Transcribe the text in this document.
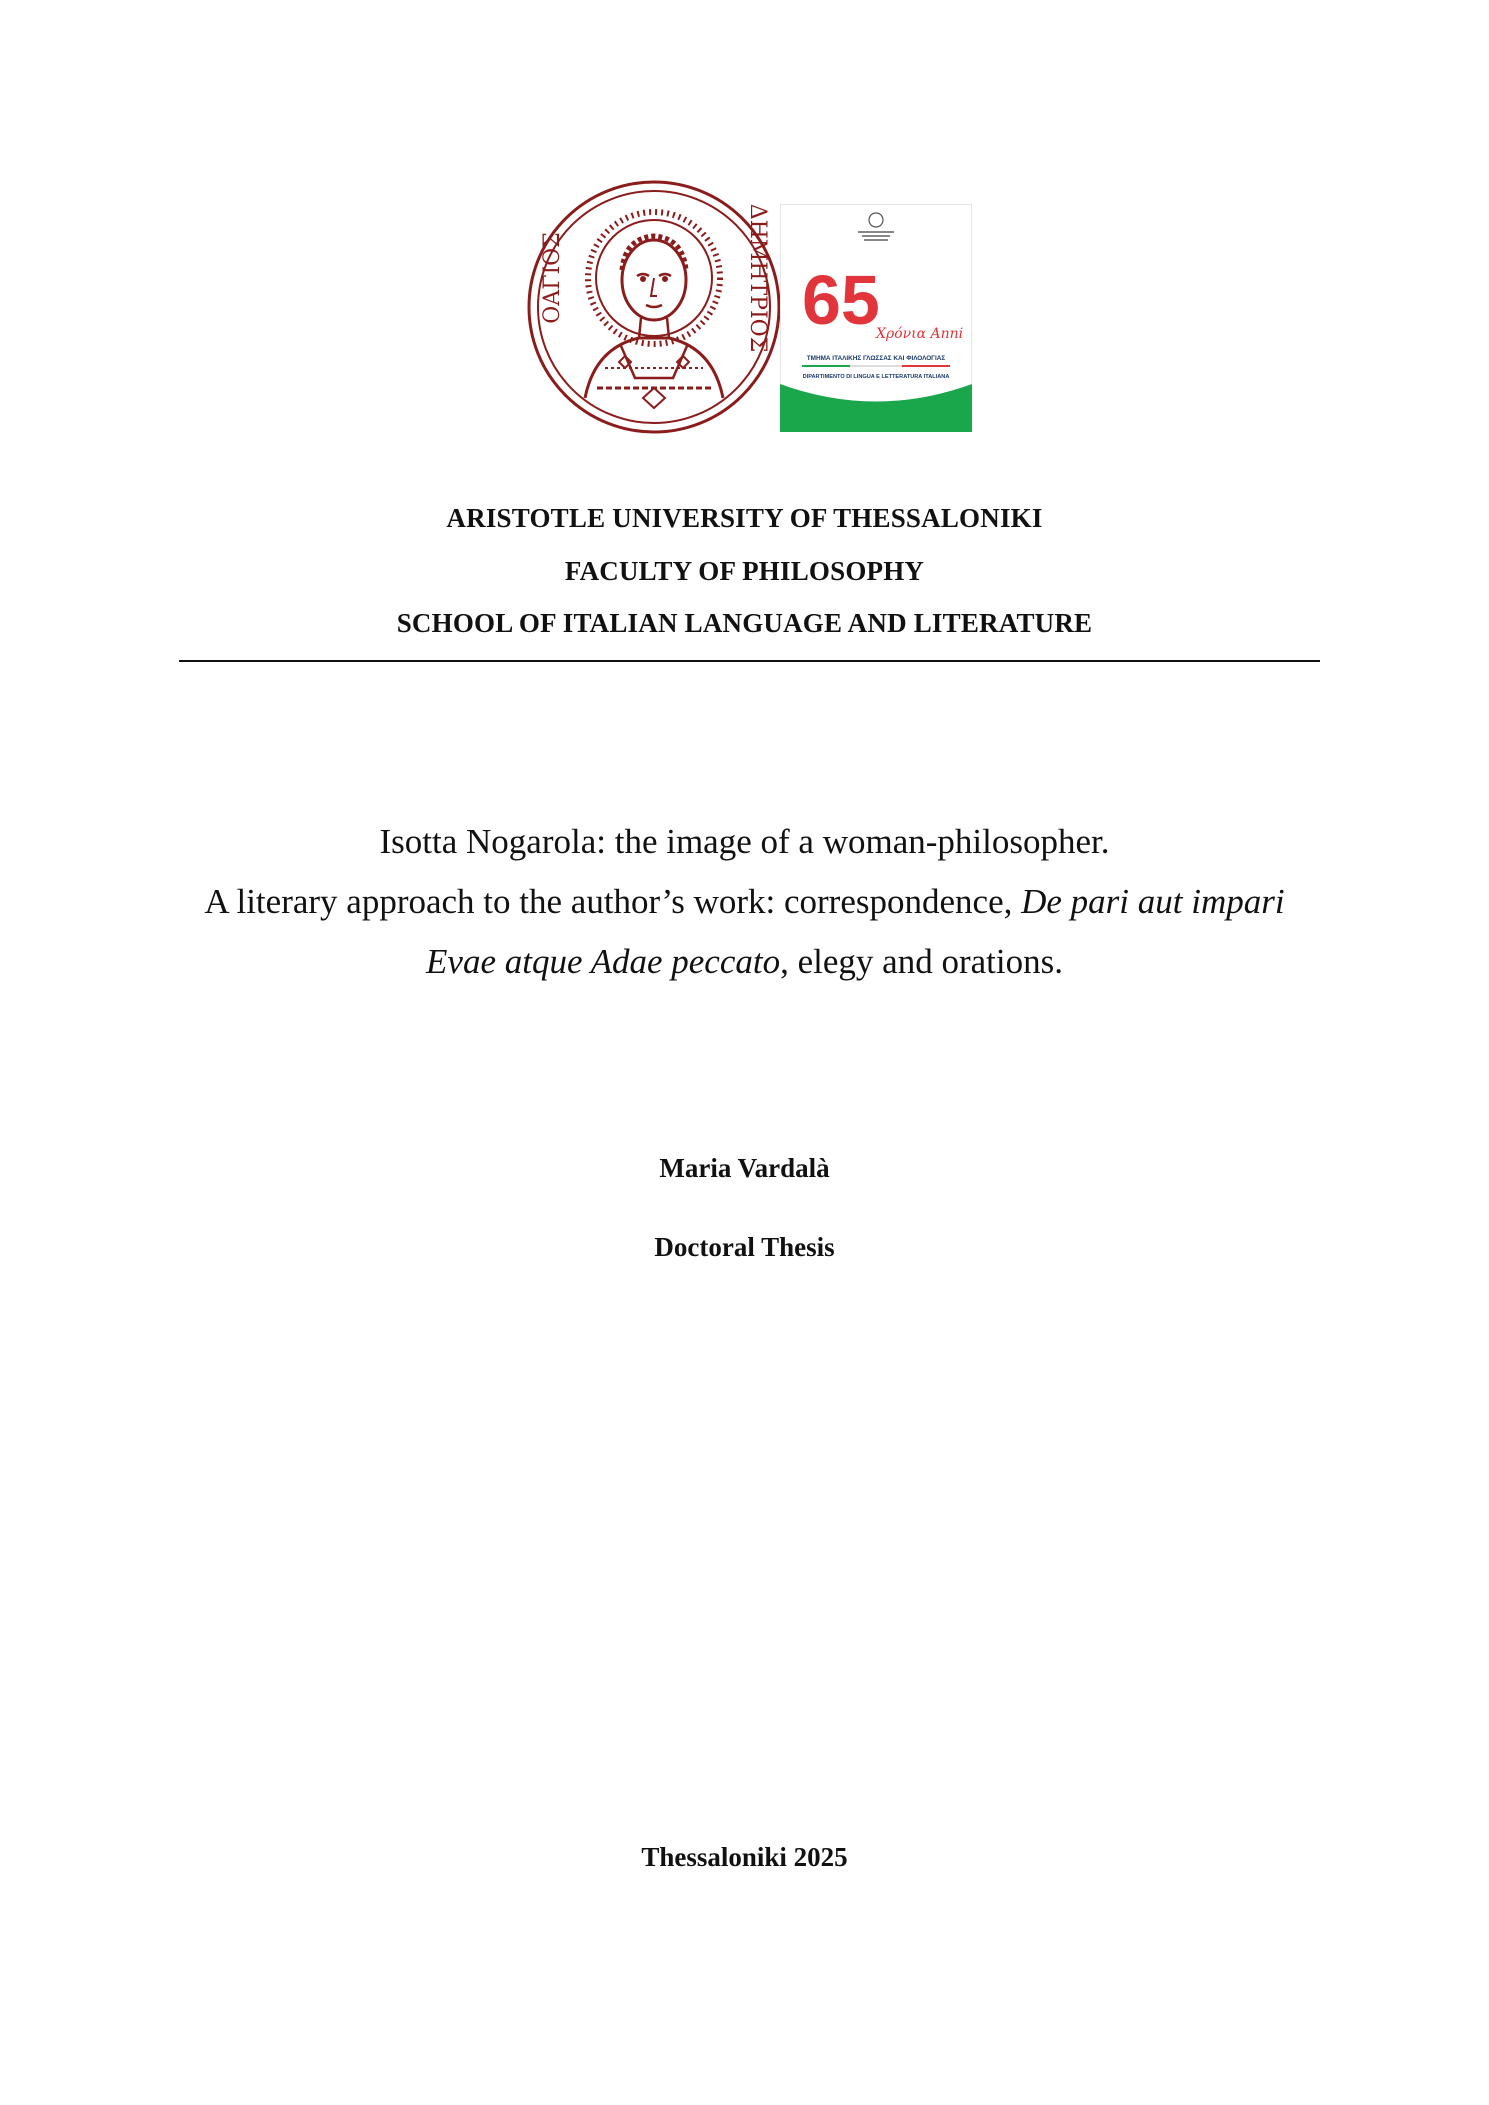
ΟΑΓΙΟΣ	ΔΗΜΗΤΡΙΟΣ 65
Χρόνια Anni
ΤΜΗΜΑ ΙΤΑΛΙΚΗΣ ΓΛΩΣΣΑΣ ΚΑΙ ΦΙΛΟΛΟΓΙΑΣ
DIPARTIMENTO DI LINGUA E LETTERATURA ITALIANA
ARISTOTLE UNIVERSITY OF THESSALONIKI
FACULTY OF PHILOSOPHY
SCHOOL OF ITALIAN LANGUAGE AND LITERATURE
Isotta Nogarola: the image of a woman-philosopher.
A literary approach to the author’s work: correspondence, De pari aut impari
Evae atque Adae peccato, elegy and orations.
Maria Vardalà
Doctoral Thesis
Thessaloniki 2025
